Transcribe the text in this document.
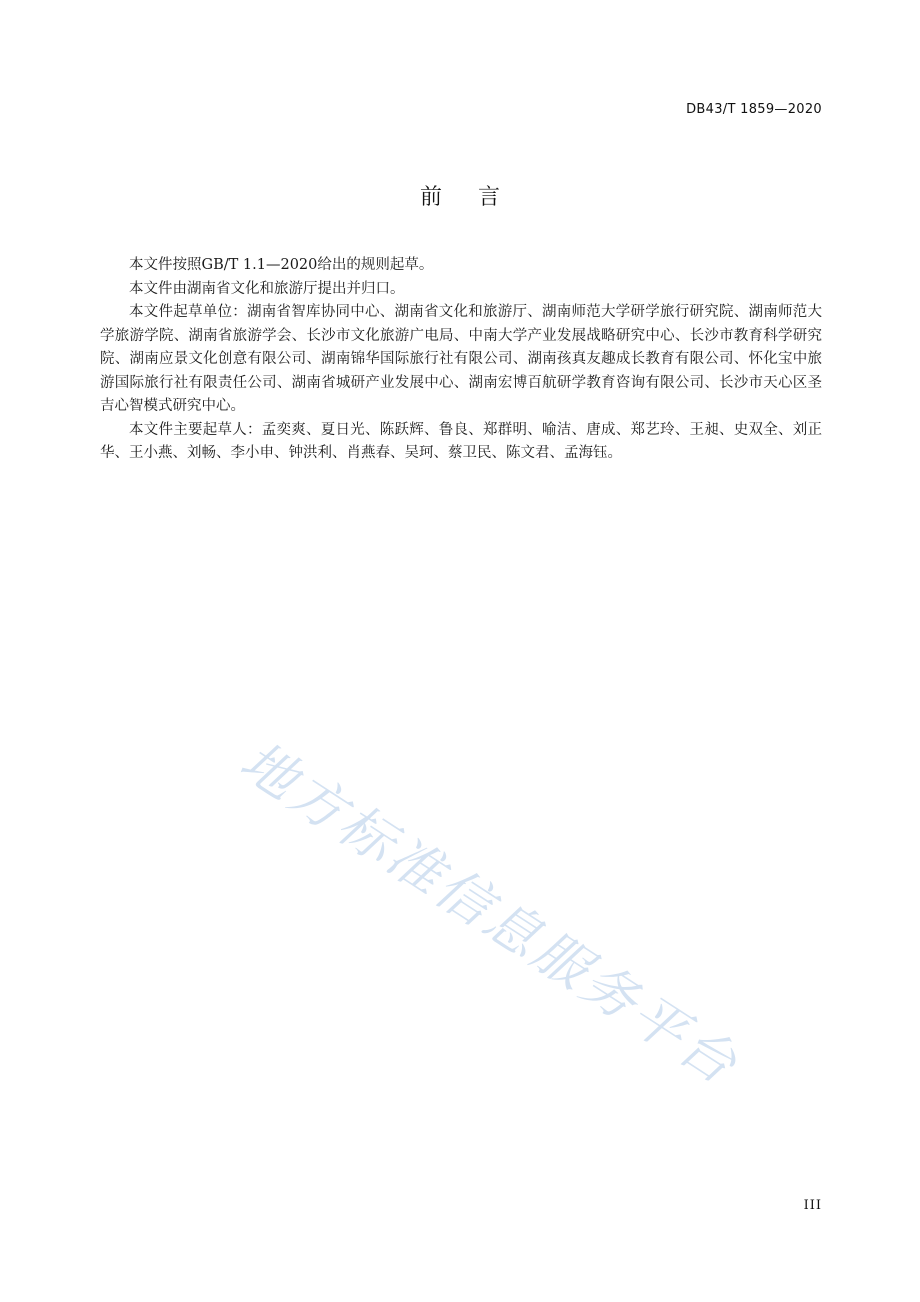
DB43/T 1859—2020
前言

本文件按照GB/T 1.1—2020给出的规则起草。

本文件由湖南省文化和旅游厅提出并归口。

本文件起草单位：湖南省智库协同中心、湖南省文化和旅游厅、湖南师范大学研学旅行研究院、湖南师范大学旅游学院、湖南省旅游学会、长沙市文化旅游广电局、中南大学产业发展战略研究中心、长沙市教育科学研究院、湖南应景文化创意有限公司、湖南锦华国际旅行社有限公司、湖南孩真友趣成长教育有限公司、怀化宝中旅游国际旅行社有限责任公司、湖南省城研产业发展中心、湖南宏博百航研学教育咨询有限公司、长沙市天心区圣吉心智模式研究中心。

本文件主要起草人：孟奕爽、夏日光、陈跃辉、鲁良、郑群明、喻洁、唐成、郑艺玲、王昶、史双全、刘正华、王小燕、刘畅、李小申、钟洪利、肖燕春、吴珂、蔡卫民、陈文君、孟海钰。

地方标准信息服务平台
III
